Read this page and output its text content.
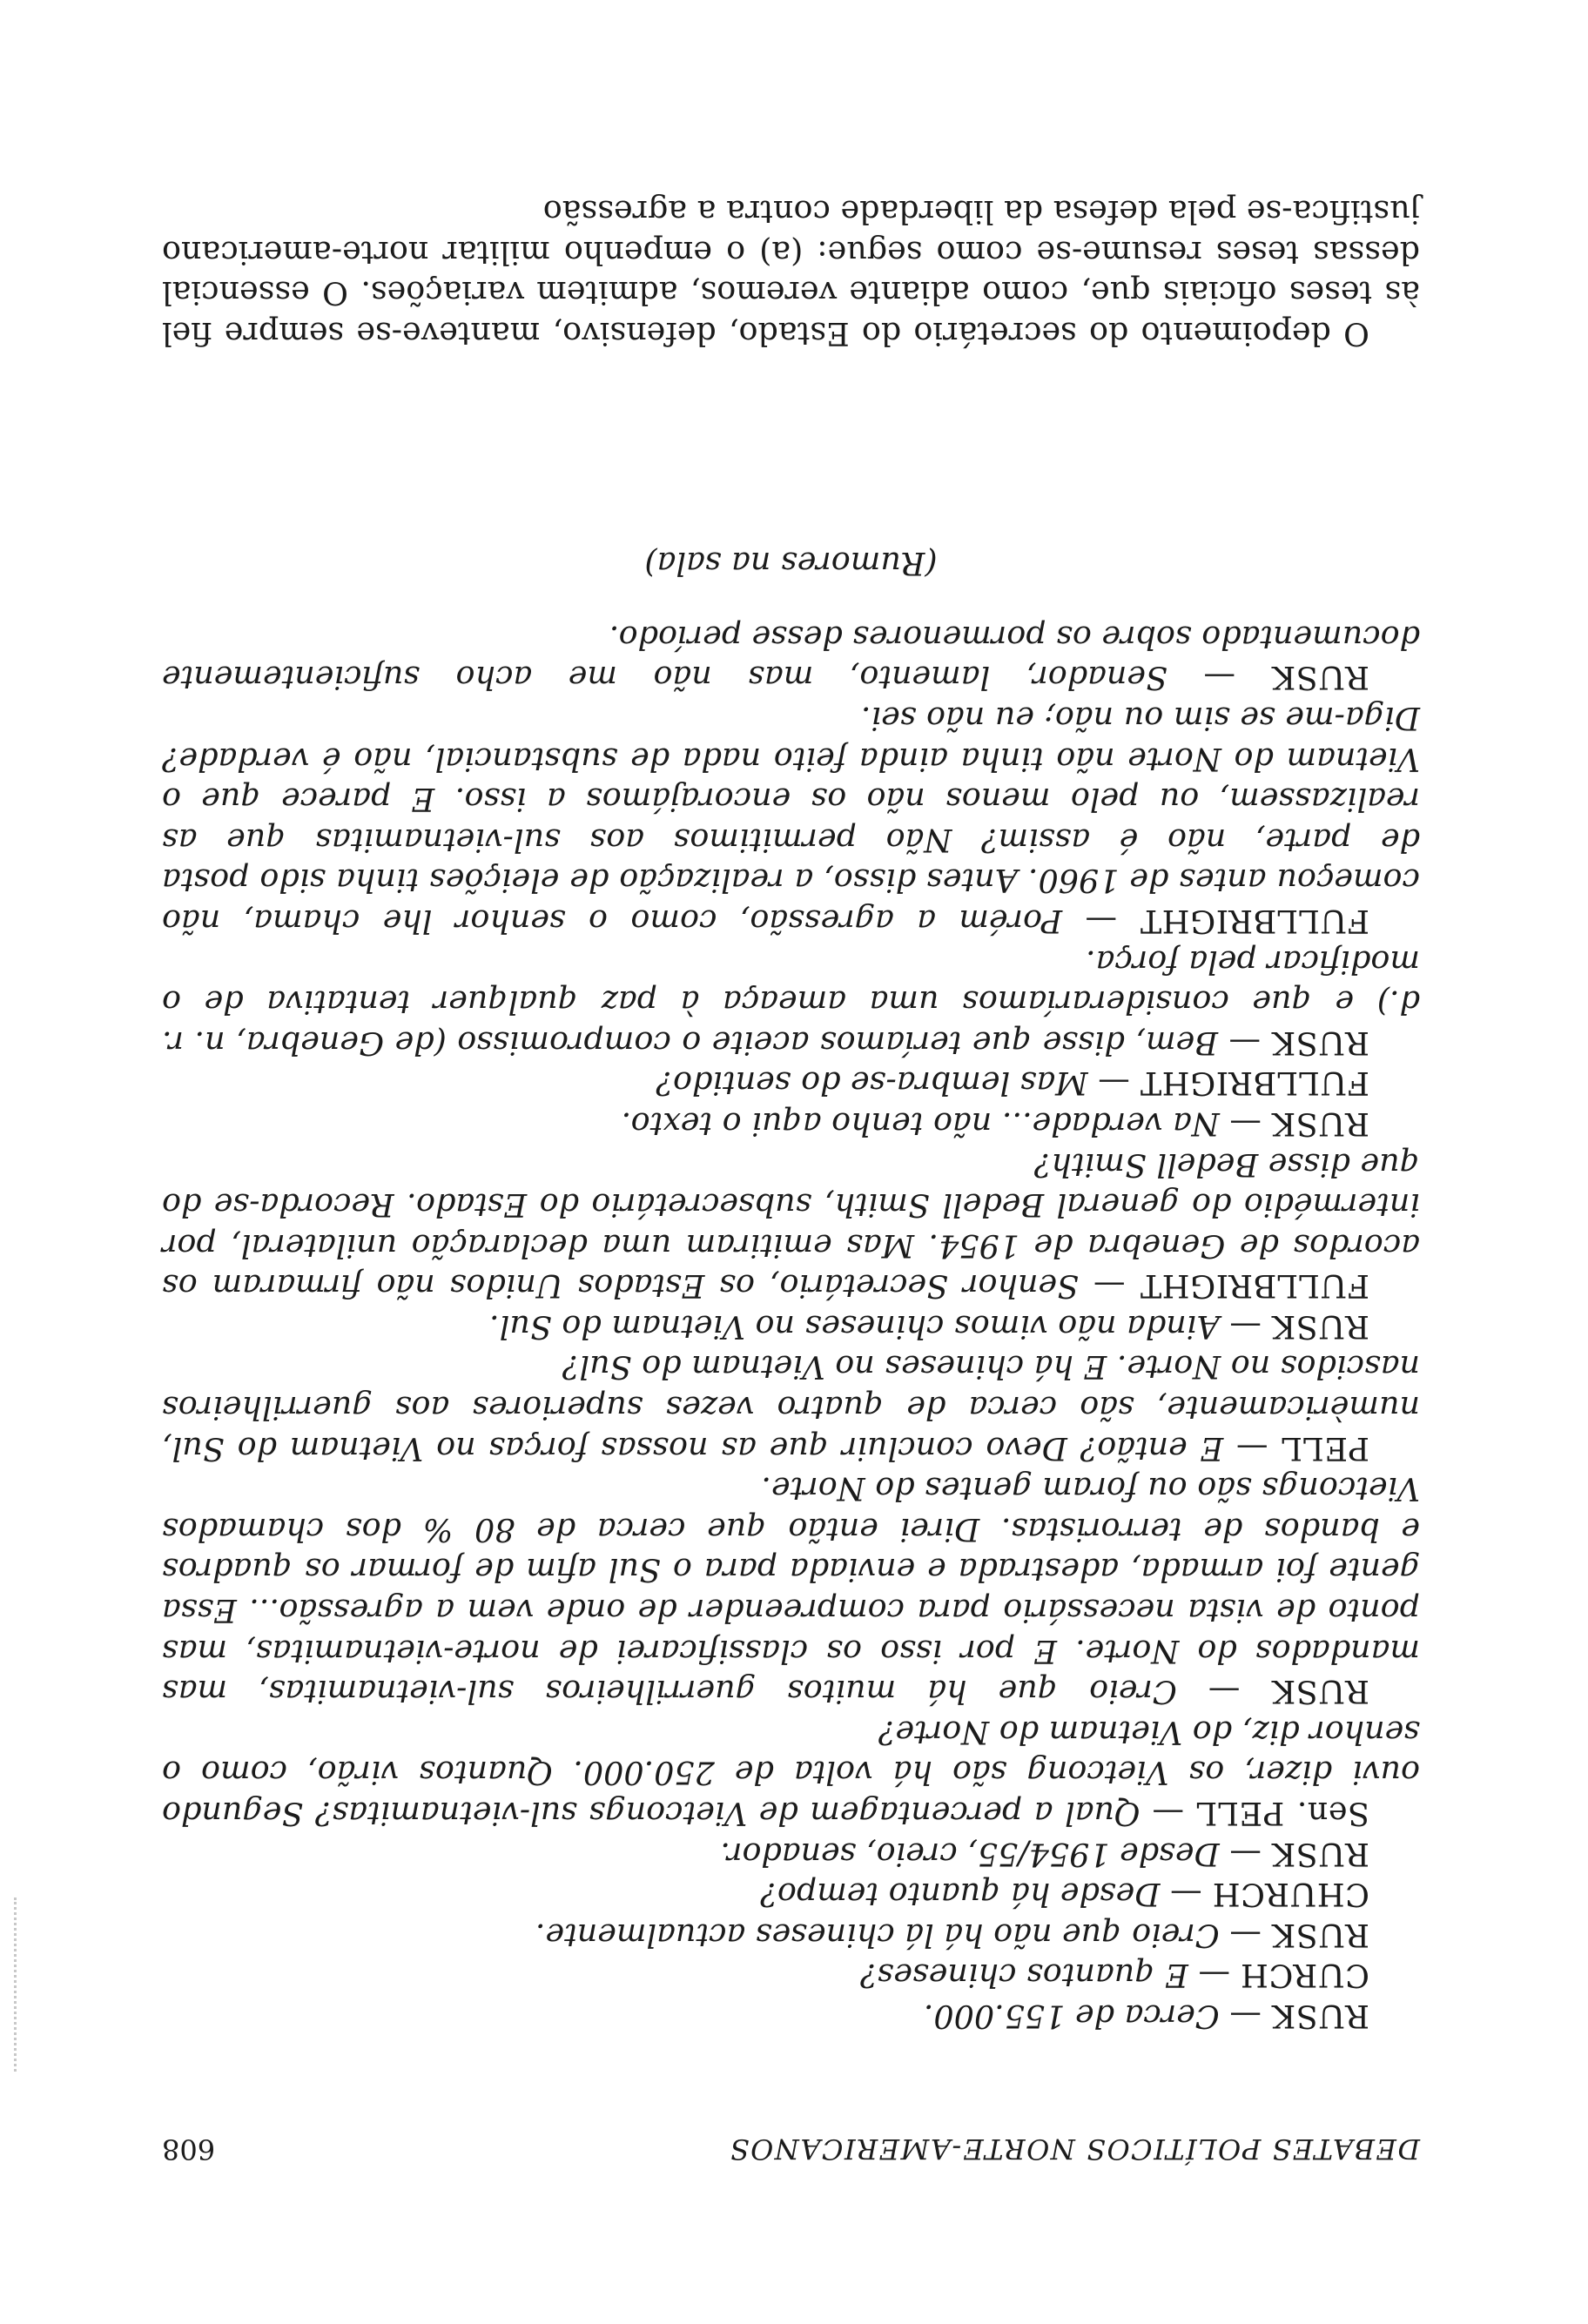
DEBATES POLÍTICOS NORTE-AMERICANOS
608

RUSK — Cerca de 155.000.

CURCH — E quantos chineses?

RUSK — Creio que não há lá chineses actualmente.

CHURCH — Desde há quanto tempo?

RUSK — Desde 1954/55, creio, senador.

Sen. PELL — Qual a percentagem de Vietcongs sul-vietnamitas? Segundo ouvi dizer, os Vietcong são há volta de 250.000. Quantos virão, como o senhor diz, do Vietnam do Norte?

RUSK — Creio que há muitos guerrilheiros sul-vietnamitas, mas mandados do Norte. E por isso os classificarei de norte-vietnamitas, mas ponto de vista necessário para compreender de onde vem a agressão... Essa gente foi armada, adestrada e enviada para o Sul afim de formar os quadros e bandos de terroristas. Direi então que cerca de 80 % dos chamados Vietcongs são ou foram gentes do Norte.

PELL — E então? Devo concluir que as nossas forças no Vietnam do Sul, numèricamente, são cerca de quatro vezes superiores aos guerrilheiros nascidos no Norte. E há chineses no Vietnam do Sul?

RUSK — Ainda não vimos chineses no Vietnam do Sul.

FULLBRIGHT — Senhor Secretário, os Estados Unidos não firmaram os acordos de Genebra de 1954. Mas emitiram uma declaração unilateral, por intermédio do general Bedell Smith, subsecretário do Estado. Recorda-se do que disse Bedell Smith?

RUSK — Na verdade... não tenho aqui o texto.

FULLBRIGHT — Mas lembra-se do sentido?

RUSK — Bem, disse que teríamos aceite o compromisso (de Genebra, n. r. d.) e que consideraríamos uma ameaça à paz qualquer tentativa de o modificar pela força.

FULLBRIGHT — Porém a agressão, como o senhor lhe chama, não começou antes de 1960. Antes disso, a realização de eleições tinha sido posta de parte, não é assim? Não permitimos aos sul-vietnamitas que as realizassem, ou pelo menos não os encorajámos a isso. E parece que o Vietnam do Norte não tinha ainda feito nada de substancial, não é verdade? Diga-me se sim ou não; eu não sei.

RUSK — Senador, lamento, mas não me acho suficientemente documentado sobre os pormenores desse período.

(Rumores na sala)

O depoimento do secretário do Estado, defensivo, manteve-se sempre fiel às teses oficiais que, como adiante veremos, admitem variações. O essencial dessas teses resume-se como segue: (a) o empenho militar norte-americano justifica-se pela defesa da liberdade contra a agressão
